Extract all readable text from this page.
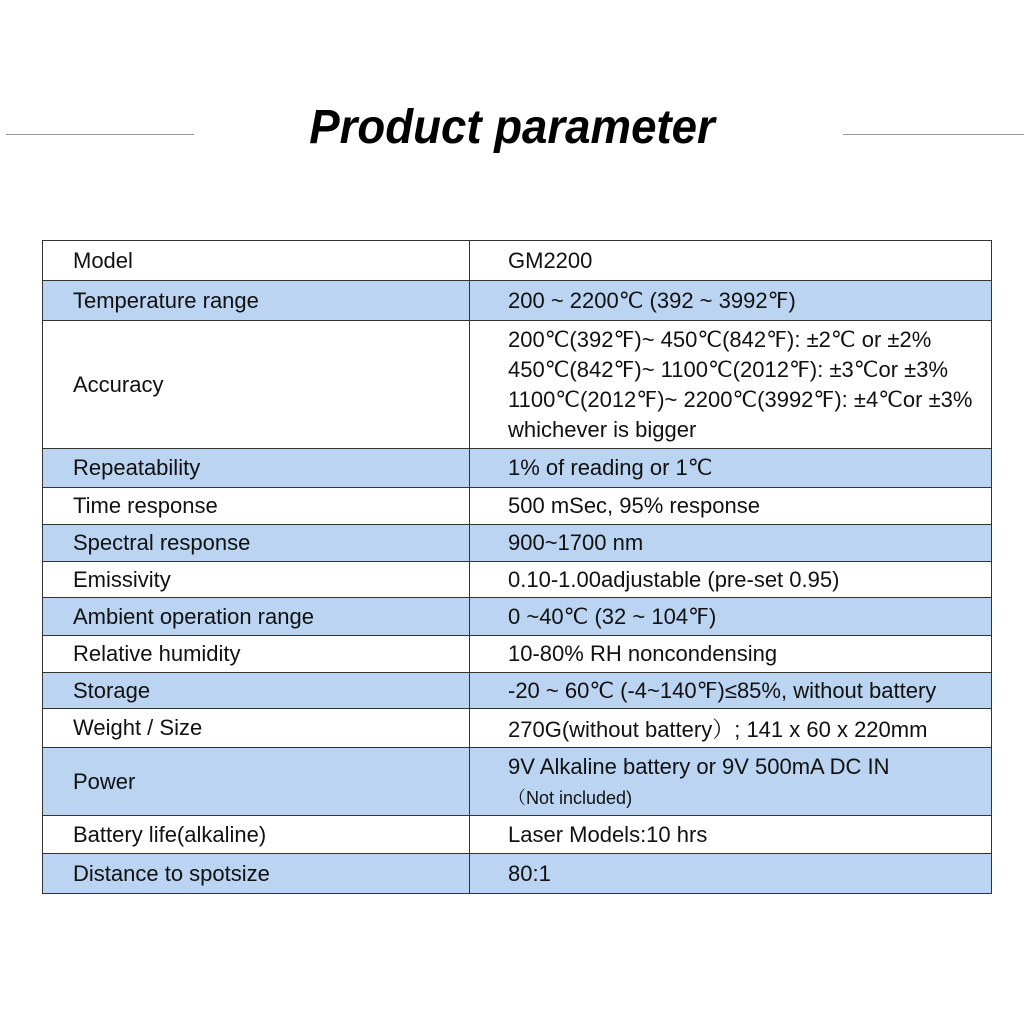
Product parameter
Model	GM2200
Temperature range	200 ~ 2200℃ (392 ~ 3992℉)
Accuracy	200℃(392℉)~ 450℃(842℉): ±2℃ or ±2%
450℃(842℉)~ 1100℃(2012℉): ±3℃or ±3%
1100℃(2012℉)~ 2200℃(3992℉): ±4℃or ±3%
whichever is bigger

Repeatability	1% of reading or 1℃
Time response	500 mSec, 95% response
Spectral response	900~1700 nm
Emissivity	0.10-1.00adjustable (pre-set 0.95)
Ambient operation range	0 ~40℃ (32 ~ 104℉)
Relative humidity	10-80% RH noncondensing
Storage	-20 ~ 60℃ (-4~140℉)≤85%, without battery
Weight / Size	270G(without battery）; 141 x 60 x 220mm
Power	9V Alkaline battery or 9V 500mA DC IN
（Not included)

Battery life(alkaline)	Laser Models:10 hrs
Distance to spotsize	80:1
